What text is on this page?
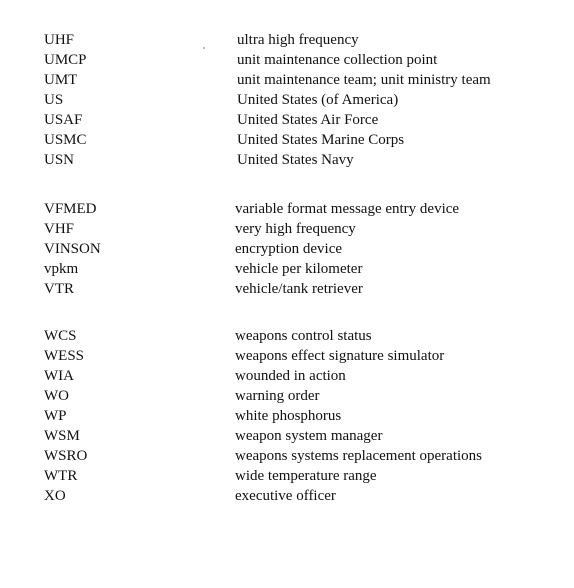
UHF	ultra high frequency
UMCP	unit maintenance collection point
UMT	unit maintenance team; unit ministry team
US	United States (of America)
USAF	United States Air Force
USMC	United States Marine Corps
USN	United States Navy
VFMED	variable format message entry device
VHF	very high frequency
VINSON	encryption device
vpkm	vehicle per kilometer
VTR	vehicle/tank retriever
WCS	weapons control status
WESS	weapons effect signature simulator
WIA	wounded in action
WO	warning order
WP	white phosphorus
WSM	weapon system manager
WSRO	weapons systems replacement operations
WTR	wide temperature range
XO	executive officer
